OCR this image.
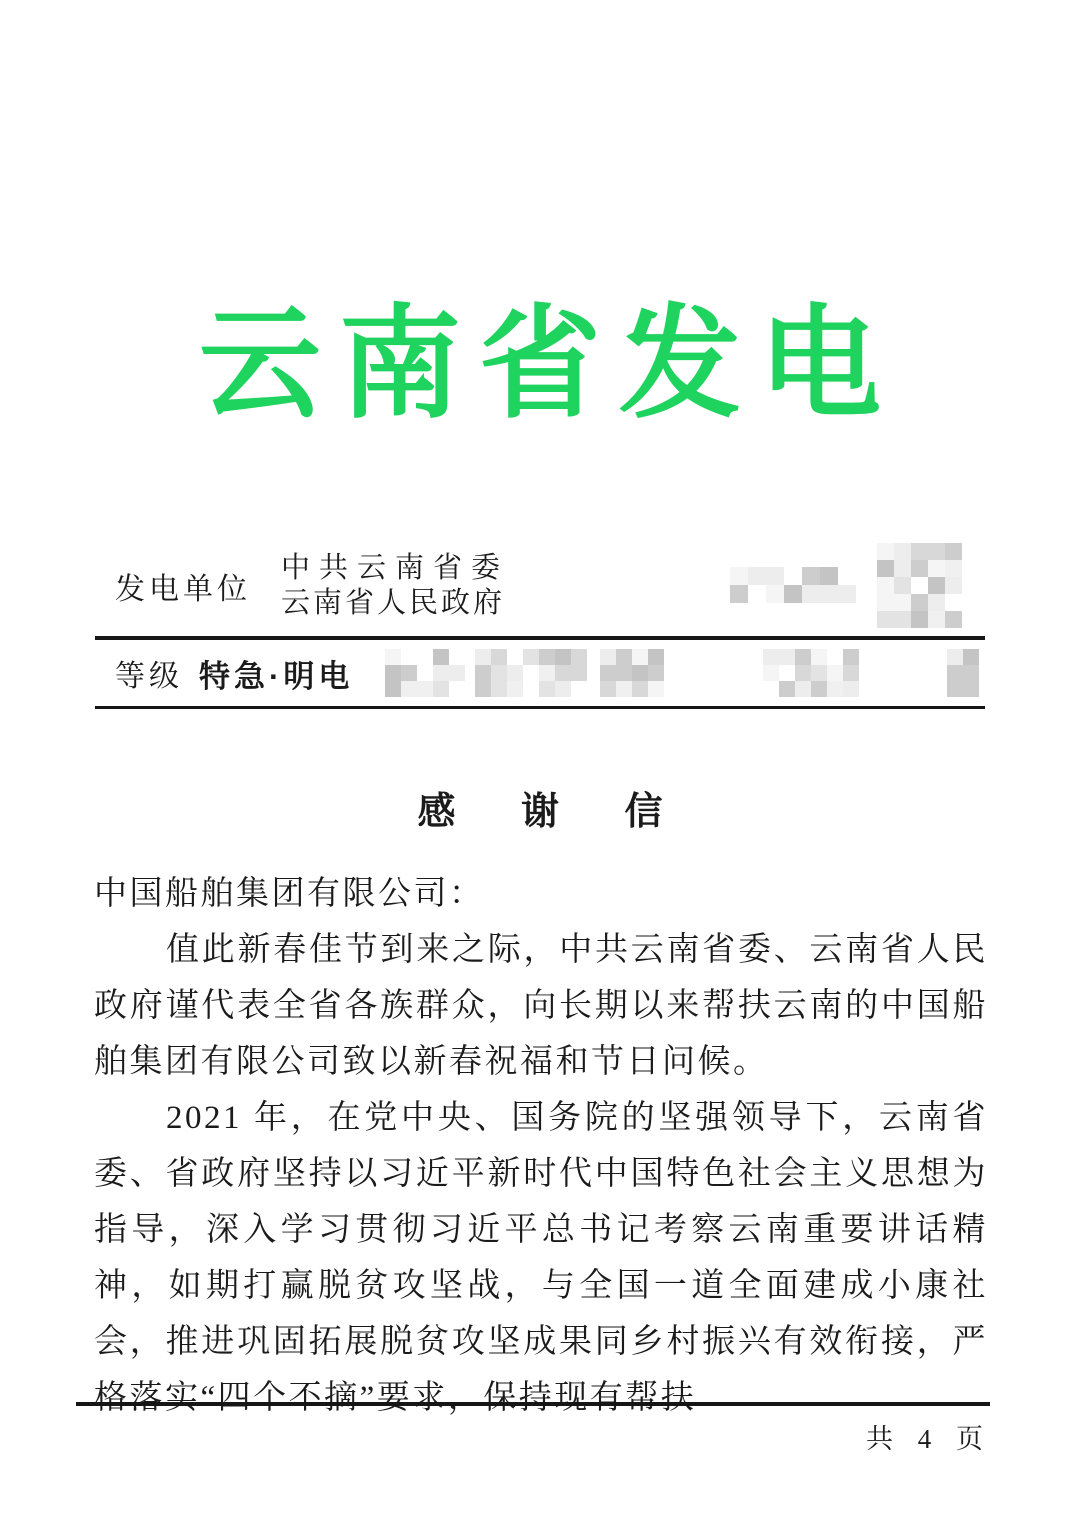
云南省发电
发电单位
中共云南省委
云南省人民政府
等级 特急·明电
感 谢 信

中国船舶集团有限公司：

值此新春佳节到来之际，中共云南省委、云南省人民政府谨代表全省各族群众，向长期以来帮扶云南的中国船舶集团有限公司致以新春祝福和节日问候。

2021 年，在党中央、国务院的坚强领导下，云南省委、省政府坚持以习近平新时代中国特色社会主义思想为指导，深入学习贯彻习近平总书记考察云南重要讲话精神，如期打赢脱贫攻坚战，与全国一道全面建成小康社会，推进巩固拓展脱贫攻坚成果同乡村振兴有效衔接，严格落实“四个不摘”要求，保持现有帮扶

共 4 页
